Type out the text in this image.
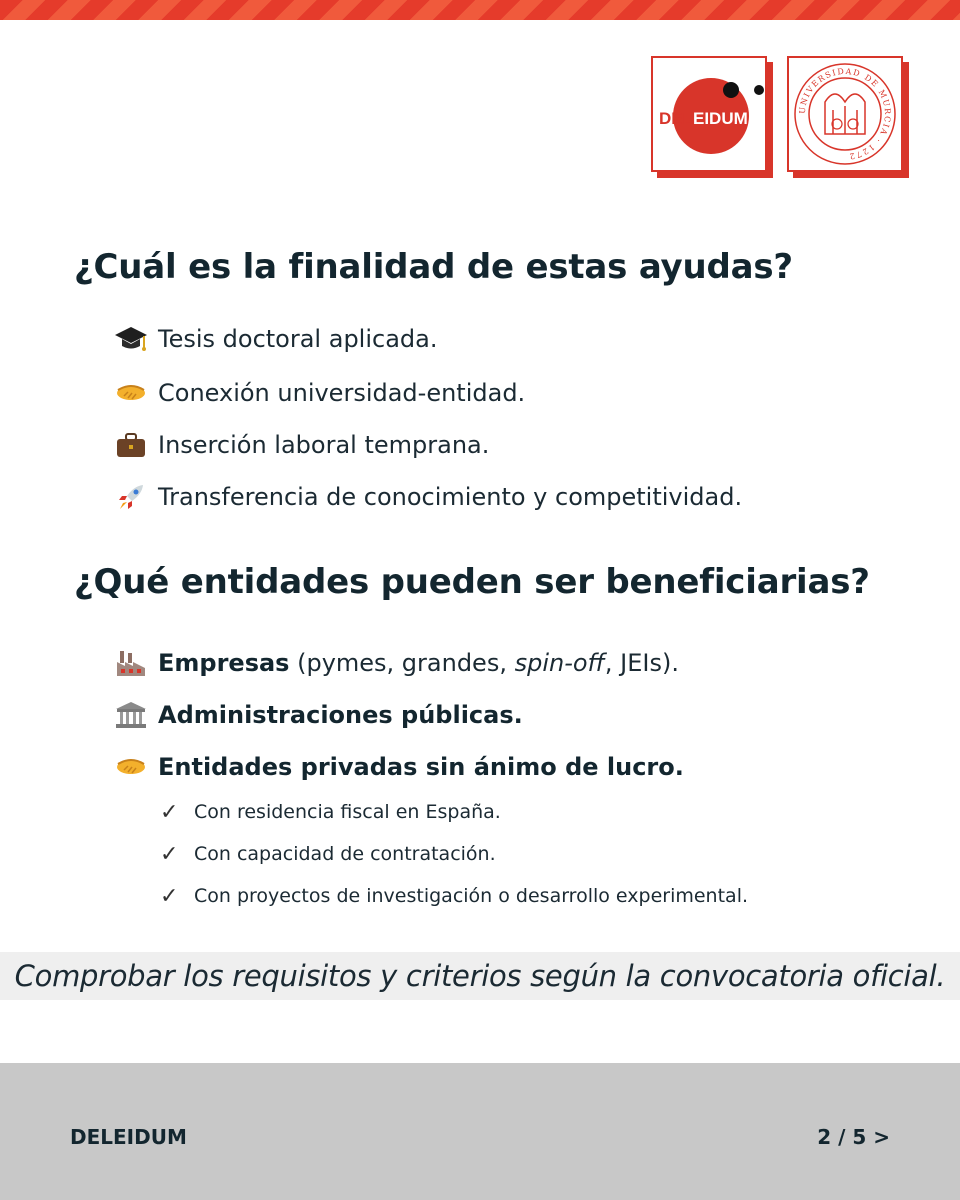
DEL EIDUM	UNIVERSIDAD DE MURCIA · 1272
¿Cuál es la finalidad de estas ayudas?
Tesis doctoral aplicada.
Conexión universidad-entidad.
Inserción laboral temprana.
Transferencia de conocimiento y competitividad.
¿Qué entidades pueden ser beneficiarias?
Empresas (pymes, grandes, spin-off, JEIs).
Administraciones públicas.
Entidades privadas sin ánimo de lucro.
✓ Con residencia fiscal en España.
✓ Con capacidad de contratación.
✓ Con proyectos de investigación o desarrollo experimental.
Comprobar los requisitos y criterios según la convocatoria oficial.
DELEIDUM	2 / 5 >
